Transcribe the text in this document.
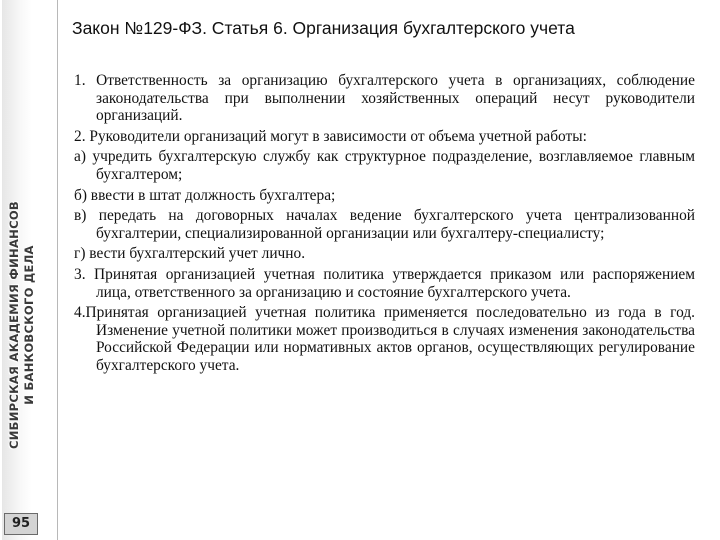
СИБИРСКАЯ АКАДЕМИЯ ФИНАНСОВ И БАНКОВСКОГО ДЕЛА
95
Закон №129-ФЗ. Статья 6. Организация бухгалтерского учета

1. Ответственность за организацию бухгалтерского учета в организациях, соблюдение законодательства при выполнении хозяйственных операций несут руководители организаций.

2. Руководители организаций могут в зависимости от объема учетной работы:

а) учредить бухгалтерскую службу как структурное подразделение, возглавляемое главным бухгалтером;

б) ввести в штат должность бухгалтера;

в) передать на договорных началах ведение бухгалтерского учета централизованной бухгалтерии, специализированной организации или бухгалтеру-специалисту;

г) вести бухгалтерский учет лично.

3. Принятая организацией учетная политика утверждается приказом или распоряжением лица, ответственного за организацию и состояние бухгалтерского учета.

4.Принятая организацией учетная политика применяется последовательно из года в год. Изменение учетной политики может производиться в случаях изменения законодательства Российской Федерации или нормативных актов органов, осуществляющих регулирование бухгалтерского учета.
